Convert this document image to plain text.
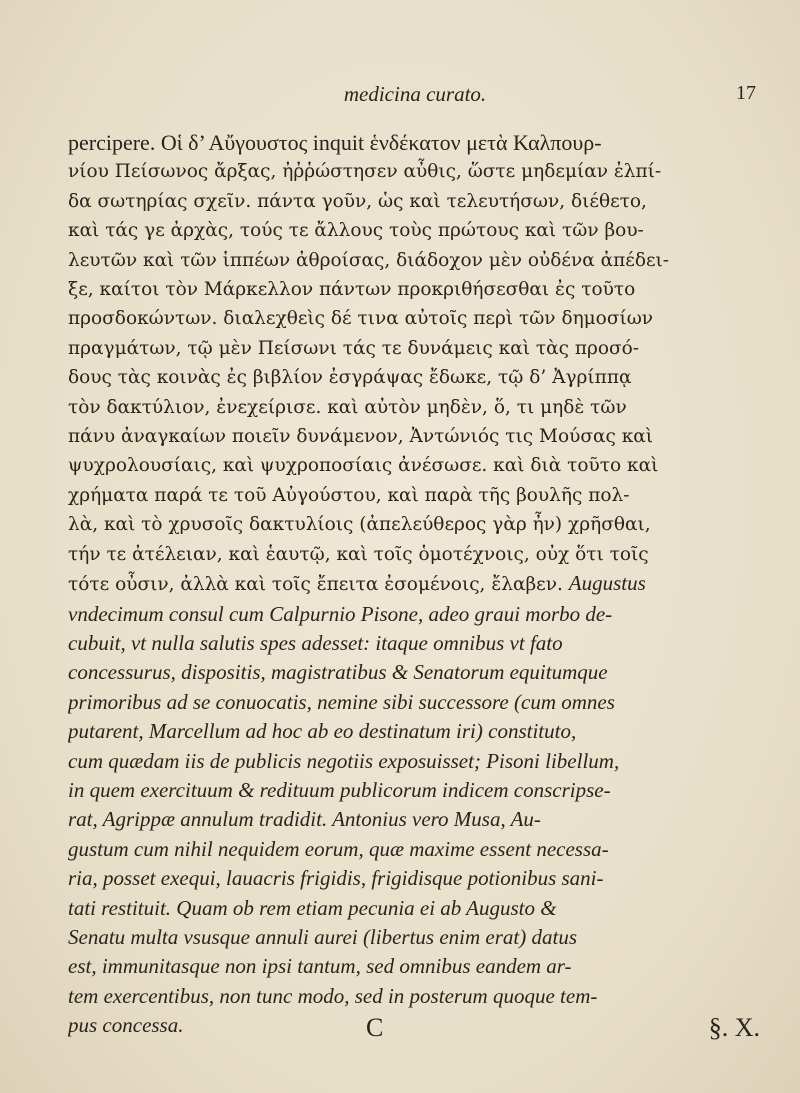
medicina curato.	17
percipere. Οἱ δ’ Αὔγουστος inquit ἑνδέκατον μετὰ Καλπουρ-
νίου Πείσωνος ἄρξας, ἠῤῥώστησεν αὖθις, ὥστε μηδεμίαν ἐλπί-
δα σωτηρίας σχεῖν. πάντα γοῦν, ὡς καὶ τελευτήσων, διέθετο,
καὶ τάς γε ἀρχὰς, τούς τε ἄλλους τοὺς πρώτους καὶ τῶν βου-
λευτῶν καὶ τῶν ἱππέων ἀθροίσας, διάδοχον μὲν οὐδένα ἀπέδει-
ξε, καίτοι τὸν Μάρκελλον πάντων προκριθήσεσθαι ἐς τοῦτο
προσδοκώντων. διαλεχθεὶς δέ τινα αὐτοῖς περὶ τῶν δημοσίων
πραγμάτων, τῷ μὲν Πείσωνι τάς τε δυνάμεις καὶ τὰς προσό-
δους τὰς κοινὰς ἐς βιβλίον ἐσγράψας ἔδωκε, τῷ δ’ Ἀγρίππᾳ
τὸν δακτύλιον, ἐνεχείρισε. καὶ αὐτὸν μηδὲν, ὅ, τι μηδὲ τῶν
πάνυ ἀναγκαίων ποιεῖν δυνάμενον, Ἀντώνιός τις Μούσας καὶ
ψυχρολουσίαις, καὶ ψυχροποσίαις ἀνέσωσε. καὶ διὰ τοῦτο καὶ
χρήματα παρά τε τοῦ Αὐγούστου, καὶ παρὰ τῆς βουλῆς πολ-
λὰ, καὶ τὸ χρυσοῖς δακτυλίοις (ἀπελεύθερος γὰρ ἦν) χρῆσθαι,
τήν τε ἀτέλειαν, καὶ ἑαυτῷ, καὶ τοῖς ὁμοτέχνοις, οὐχ ὅτι τοῖς
τότε οὖσιν, ἀλλὰ καὶ τοῖς ἔπειτα ἐσομένοις, ἔλαβεν. Augustus
vndecimum consul cum Calpurnio Pisone, adeo graui morbo de-
cubuit, vt nulla salutis spes adesset: itaque omnibus vt fato
concessurus, dispositis, magistratibus & Senatorum equitumque
primoribus ad se conuocatis, nemine sibi successore (cum omnes
putarent, Marcellum ad hoc ab eo destinatum iri) constituto,
cum quædam iis de publicis negotiis exposuisset; Pisoni libellum,
in quem exercituum & redituum publicorum indicem conscripse-
rat, Agrippæ annulum tradidit. Antonius vero Musa, Au-
gustum cum nihil nequidem eorum, quæ maxime essent necessa-
ria, posset exequi, lauacris frigidis, frigidisque potionibus sani-
tati restituit. Quam ob rem etiam pecunia ei ab Augusto &
Senatu multa vsusque annuli aurei (libertus enim erat) datus
est, immunitasque non ipsi tantum, sed omnibus eandem ar-
tem exercentibus, non tunc modo, sed in posterum quoque tem-
pus concessa.	C	§. X.
